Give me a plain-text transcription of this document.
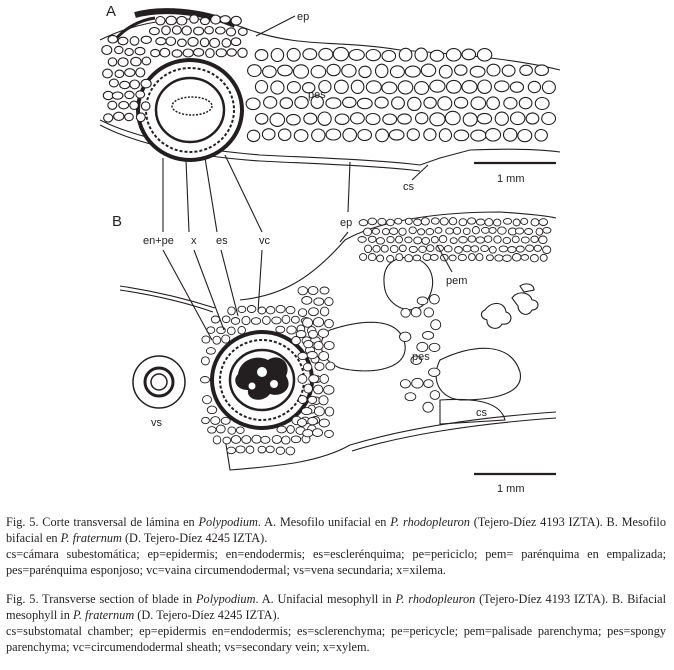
A	ep
pes
cs
1 mm
en+pe x es	vc
ep
B
pem
pes
cs
vs
1 mm

Fig. 5. Corte transversal de lámina en Polypodium. A. Mesofilo unifacial en P. rhodopleuron (Tejero-Díez 4193 IZTA). B. Mesofilo bifacial en P. fraternum (D. Tejero-Díez 4245 IZTA).

cs=cámara subestomática; ep=epidermis; en=endodermis; es=esclerénquima; pe=periciclo; pem= parénquima en empalizada; pes=parénquima esponjoso; vc=vaina circumendodermal; vs=vena secundaria; x=xilema.

Fig. 5. Transverse section of blade in Polypodium. A. Unifacial mesophyll in P. rhodopleuron (Tejero-Díez 4193 IZTA). B. Bifacial mesophyll in P. fraternum (D. Tejero-Díez 4245 IZTA).

cs=substomatal chamber; ep=epidermis en=endodermis; es=sclerenchyma; pe=pericycle; pem=palisade parenchyma; pes=spongy parenchyma; vc=circumendodermal sheath; vs=secondary vein; x=xylem.
